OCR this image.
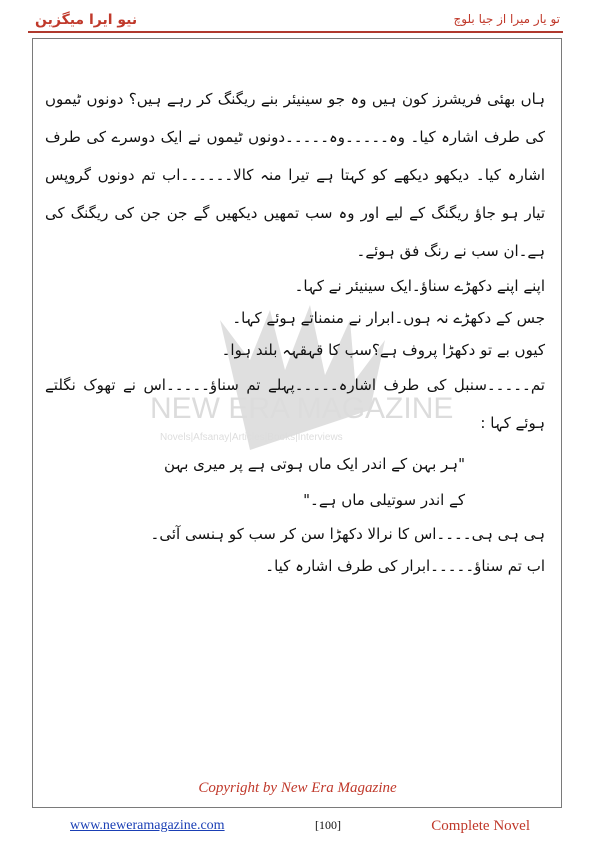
نیو ایرا میگزین	تو یار میرا از جیا بلوچ
NEW ERA MAGAZINE
Novels|Afsanay|Articles|Books|Interviews

ہاں بھئی فریشرز کون ہیں وہ جو سینیئر بنے ریگنگ کر رہے ہیں؟ دونوں ٹیموں کی طرف اشارہ کیا۔ وہ۔۔۔۔۔وہ۔۔۔۔۔دونوں ٹیموں نے ایک دوسرے کی طرف اشارہ کیا۔ دیکھو دیکھے کو کہتا ہے تیرا منہ کالا۔۔۔۔۔۔اب تم دونوں گروپس تیار ہو جاؤ ریگنگ کے لیے اور وہ سب تمھیں دیکھیں گے جن جن کی ریگنگ کی ہے۔ان سب نے رنگ فق ہوئے۔

اپنے اپنے دکھڑے سناؤ۔ایک سینیئر نے کہا۔

جس کے دکھڑے نہ ہوں۔ابرار نے منمناتے ہوئے کہا۔

کیوں بے تو دکھڑا پروف ہے؟سب کا قہقہہ بلند ہوا۔

تم۔۔۔۔۔سنبل کی طرف اشارہ۔۔۔۔۔پہلے تم سناؤ۔۔۔۔۔اس نے تھوک نگلتے ہوئے کہا :

"ہر بہن کے اندر ایک ماں ہوتی ہے پر میری بہن

کے اندر سوتیلی ماں ہے۔"

ہی ہی ہی۔۔۔۔اس کا نرالا دکھڑا سن کر سب کو ہنسی آئی۔

اب تم سناؤ۔۔۔۔۔ابرار کی طرف اشارہ کیا۔

Copyright by New Era Magazine
www.neweramagazine.com	[100]	Complete Novel
